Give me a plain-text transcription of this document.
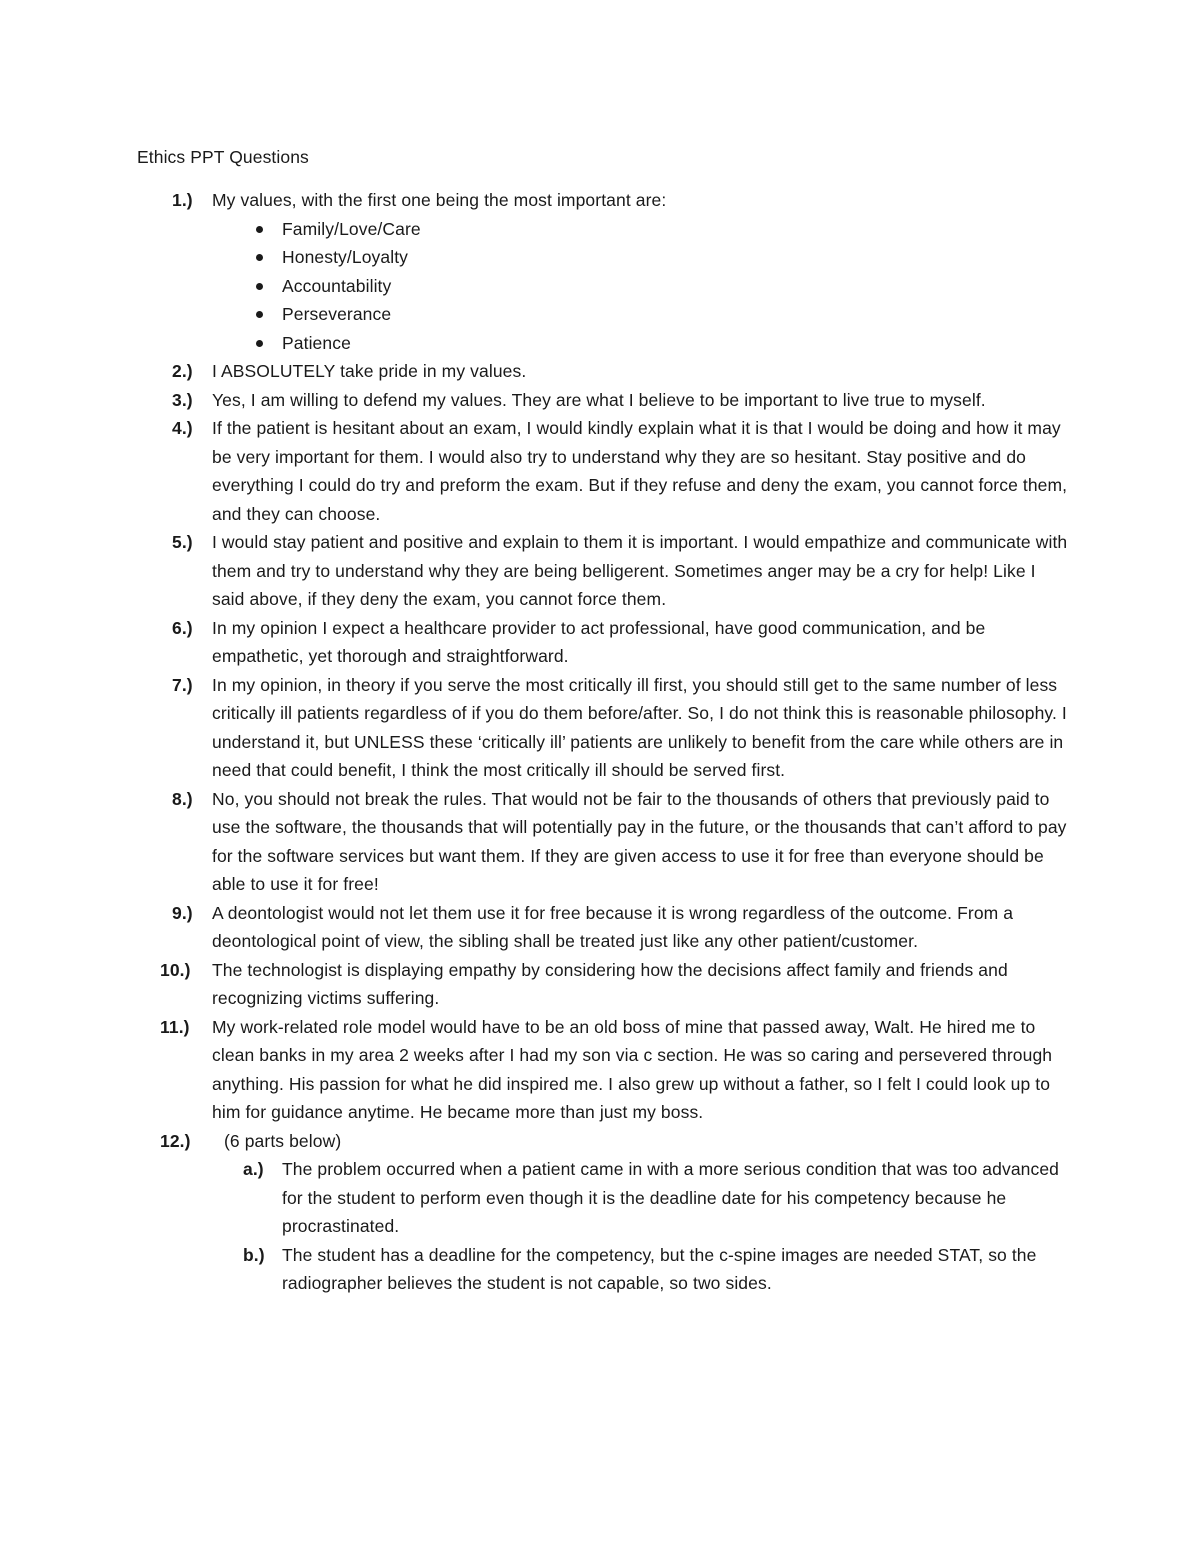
Ethics PPT Questions
1.) My values, with the first one being the most important are:
Family/Love/Care
Honesty/Loyalty
Accountability
Perseverance
Patience
2.) I ABSOLUTELY take pride in my values.
3.) Yes, I am willing to defend my values. They are what I believe to be important to live true to myself.
4.) If the patient is hesitant about an exam, I would kindly explain what it is that I would be doing and how it may be very important for them. I would also try to understand why they are so hesitant. Stay positive and do everything I could do try and preform the exam. But if they refuse and deny the exam, you cannot force them, and they can choose.
5.) I would stay patient and positive and explain to them it is important. I would empathize and communicate with them and try to understand why they are being belligerent. Sometimes anger may be a cry for help! Like I said above, if they deny the exam, you cannot force them.
6.) In my opinion I expect a healthcare provider to act professional, have good communication, and be empathetic, yet thorough and straightforward.
7.) In my opinion, in theory if you serve the most critically ill first, you should still get to the same number of less critically ill patients regardless of if you do them before/after. So, I do not think this is reasonable philosophy. I understand it, but UNLESS these ‘critically ill’ patients are unlikely to benefit from the care while others are in need that could benefit, I think the most critically ill should be served first.
8.) No, you should not break the rules. That would not be fair to the thousands of others that previously paid to use the software, the thousands that will potentially pay in the future, or the thousands that can’t afford to pay for the software services but want them. If they are given access to use it for free than everyone should be able to use it for free!
9.) A deontologist would not let them use it for free because it is wrong regardless of the outcome. From a deontological point of view, the sibling shall be treated just like any other patient/customer.
10.) The technologist is displaying empathy by considering how the decisions affect family and friends and recognizing victims suffering.
11.) My work-related role model would have to be an old boss of mine that passed away, Walt. He hired me to clean banks in my area 2 weeks after I had my son via c section. He was so caring and persevered through anything. His passion for what he did inspired me. I also grew up without a father, so I felt I could look up to him for guidance anytime. He became more than just my boss.
12.)	(6 parts below)
a.) The problem occurred when a patient came in with a more serious condition that was too advanced for the student to perform even though it is the deadline date for his competency because he procrastinated.
b.) The student has a deadline for the competency, but the c-spine images are needed STAT, so the radiographer believes the student is not capable, so two sides.
